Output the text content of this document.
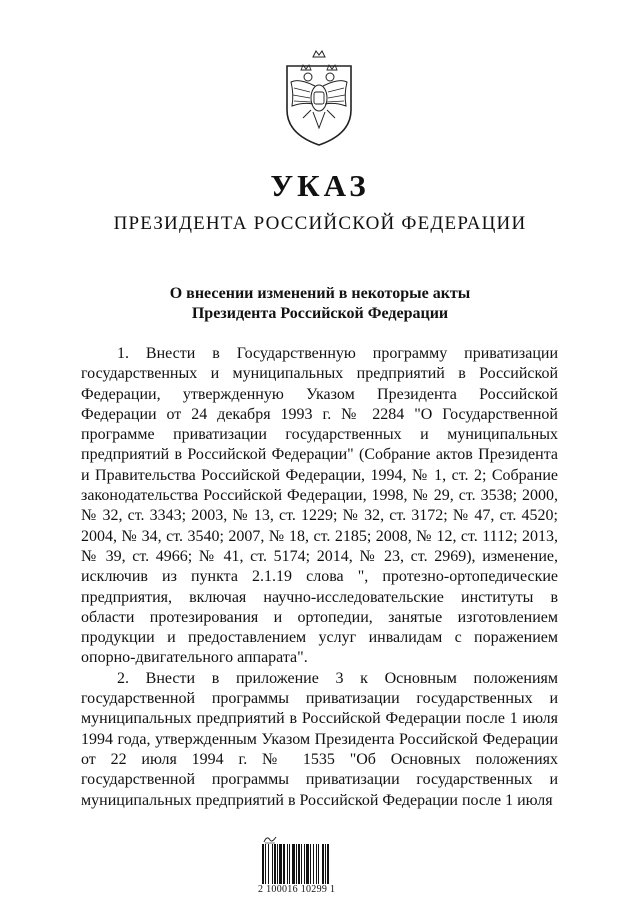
УКАЗ
ПРЕЗИДЕНТА РОССИЙСКОЙ ФЕДЕРАЦИИ
О внесении изменений в некоторые акты
Президента Российской Федерации

1. Внести в Государственную программу приватизации государственных и муниципальных предприятий в Российской Федерации, утвержденную Указом Президента Российской Федерации от 24 декабря 1993 г. № 2284 "О Государственной программе приватизации государственных и муниципальных предприятий в Российской Федерации" (Собрание актов Президента и Правительства Российской Федерации, 1994, № 1, ст. 2; Собрание законодательства Российской Федерации, 1998, № 29, ст. 3538; 2000, № 32, ст. 3343; 2003, № 13, ст. 1229; № 32, ст. 3172; № 47, ст. 4520; 2004, № 34, ст. 3540; 2007, № 18, ст. 2185; 2008, № 12, ст. 1112; 2013, № 39, ст. 4966; № 41, ст. 5174; 2014, № 23, ст. 2969), изменение, исключив из пункта 2.1.19 слова ", протезно-ортопедические предприятия, включая научно-исследовательские институты в области протезирования и ортопедии, занятые изготовлением продукции и предоставлением услуг инвалидам с поражением опорно-двигательного аппарата".

2. Внести в приложение 3 к Основным положениям государственной программы приватизации государственных и муниципальных предприятий в Российской Федерации после 1 июля 1994 года, утвержденным Указом Президента Российской Федерации от 22 июля 1994 г. № 1535 "Об Основных положениях государственной программы приватизации государственных и муниципальных предприятий в Российской Федерации после 1 июля

2 100016 10299 1
